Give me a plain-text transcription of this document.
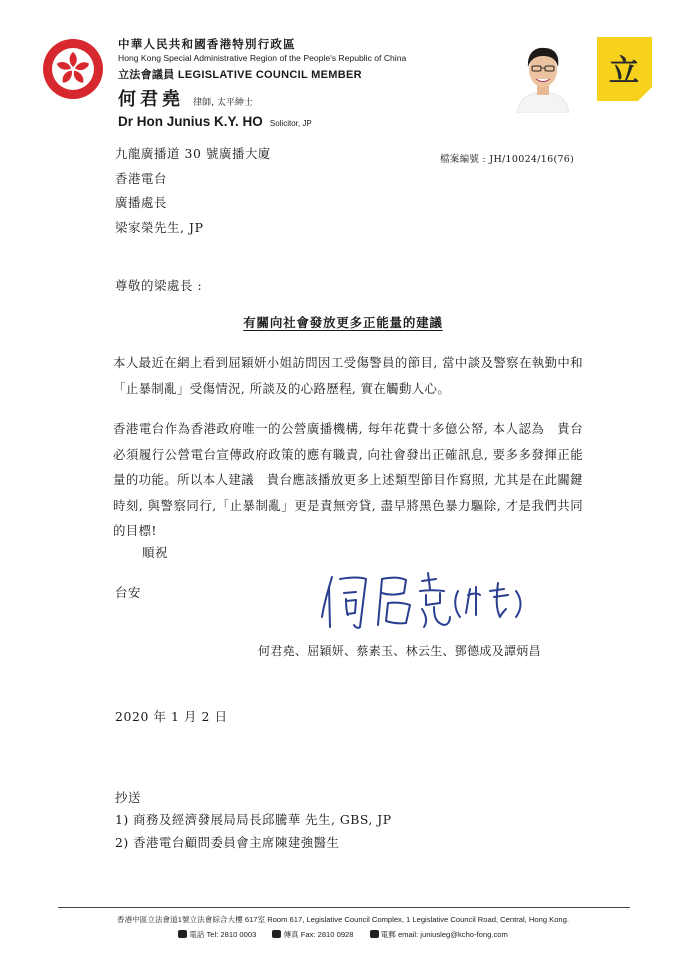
中華人民共和國香港特別行政區
Hong Kong Special Administrative Region of the People's Republic of China
立法會議員 LEGISLATIVE COUNCIL MEMBER
何君堯 律師, 太平紳士
Dr Hon Junius K.Y. HO Solicitor, JP
立
九龍廣播道 30 號廣播大廈
香港電台
廣播處長
梁家榮先生, JP
檔案編號 : JH/10024/16(76)
尊敬的梁處長 :
有關向社會發放更多正能量的建議
本人最近在網上看到屈穎妍小姐訪問因工受傷警員的節目, 當中談及警察在執勤中和「止暴制亂」受傷情況, 所談及的心路歷程, 實在觸動人心。
香港電台作為香港政府唯一的公營廣播機構, 每年花費十多億公帑, 本人認為　貴台必須履行公營電台宣傳政府政策的應有職責, 向社會發出正確訊息, 要多多發揮正能量的功能。所以本人建議　貴台應該播放更多上述類型節目作寫照, 尤其是在此關鍵時刻, 與警察同行,「止暴制亂」更是責無旁貸, 盡早將黑色暴力驅除, 才是我們共同的目標!
順祝
台安
何君堯、屈穎妍、蔡素玉、林云生、鄧德成及譚炳昌
2020 年 1 月 2 日
抄送
1) 商務及經濟發展局局長邱騰華 先生, GBS, JP
2) 香港電台顧問委員會主席陳建強醫生
香港中區立法會道1號立法會綜合大樓 617室 Room 617, Legislative Council Complex, 1 Legislative Council Road, Central, Hong Kong.
電話 Tel: 2810 0003	傳真 Fax: 2810 0928	電郵 email: juniusleg@kcho-fong.com
